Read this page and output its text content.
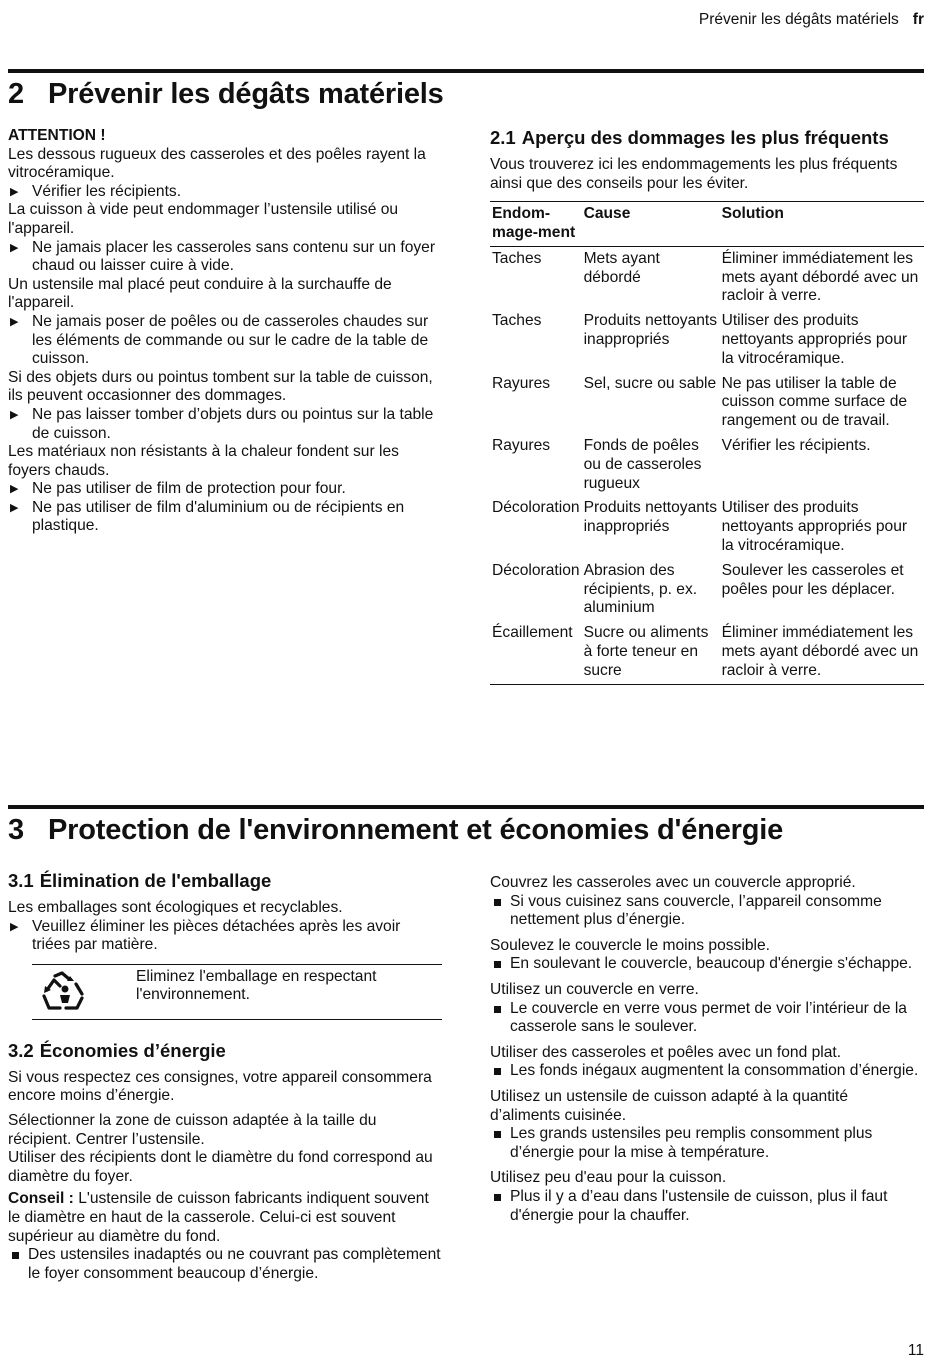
Prévenir les dégâts matériels fr
2 Prévenir les dégâts matériels

ATTENTION !

Les dessous rugueux des casseroles et des poêles rayent la vitrocéramique.

▶ Vérifier les récipients.

La cuisson à vide peut endommager l’ustensile utilisé ou l'appareil.

▶ Ne jamais placer les casseroles sans contenu sur un foyer chaud ou laisser cuire à vide.

Un ustensile mal placé peut conduire à la surchauffe de l'appareil.

▶ Ne jamais poser de poêles ou de casseroles chaudes sur les éléments de commande ou sur le cadre de la table de cuisson.

Si des objets durs ou pointus tombent sur la table de cuisson, ils peuvent occasionner des dommages.

▶ Ne pas laisser tomber d’objets durs ou pointus sur la table de cuisson.

Les matériaux non résistants à la chaleur fondent sur les foyers chauds.

▶ Ne pas utiliser de film de protection pour four.
▶ Ne pas utiliser de film d'aluminium ou de récipients en plastique.
2.1 Aperçu des dommages les plus fréquents

Vous trouverez ici les endommagements les plus fréquents ainsi que des conseils pour les éviter.

Endom-mage-ment	Cause	Solution
Taches	Mets ayant débordé	Éliminer immédiatement les mets ayant débordé avec un racloir à verre.
Taches	Produits nettoyants inappropriés	Utiliser des produits nettoyants appropriés pour la vitrocéramique.
Rayures	Sel, sucre ou sable	Ne pas utiliser la table de cuisson comme surface de rangement ou de travail.
Rayures	Fonds de poêles ou de casseroles rugueux	Vérifier les récipients.
Décoloration	Produits nettoyants inappropriés	Utiliser des produits nettoyants appropriés pour la vitrocéramique.
Décoloration	Abrasion des récipients, p. ex. aluminium	Soulever les casseroles et poêles pour les déplacer.
Écaillement	Sucre ou aliments à forte teneur en sucre	Éliminer immédiatement les mets ayant débordé avec un racloir à verre.
3 Protection de l'environnement et économies d'énergie
3.1 Élimination de l'emballage

Les emballages sont écologiques et recyclables.

▶ Veuillez éliminer les pièces détachées après les avoir triées par matière.

Eliminez l'emballage en respectant l'environnement.

3.2 Économies d’énergie

Si vous respectez ces consignes, votre appareil consommera encore moins d’énergie.

Sélectionner la zone de cuisson adaptée à la taille du récipient. Centrer l’ustensile.

Utiliser des récipients dont le diamètre du fond correspond au diamètre du foyer.

Conseil : L'ustensile de cuisson fabricants indiquent souvent le diamètre en haut de la casserole. Celui-ci est souvent supérieur au diamètre du fond.

Des ustensiles inadaptés ou ne couvrant pas complètement le foyer consomment beaucoup d’énergie.

Couvrez les casseroles avec un couvercle approprié.

Si vous cuisinez sans couvercle, l’appareil consomme nettement plus d’énergie.

Soulevez le couvercle le moins possible.

En soulevant le couvercle, beaucoup d'énergie s'échappe.

Utilisez un couvercle en verre.

Le couvercle en verre vous permet de voir l’intérieur de la casserole sans le soulever.

Utiliser des casseroles et poêles avec un fond plat.

Les fonds inégaux augmentent la consommation d’énergie.

Utilisez un ustensile de cuisson adapté à la quantité d’aliments cuisinée.

Les grands ustensiles peu remplis consomment plus d’énergie pour la mise à température.

Utilisez peu d'eau pour la cuisson.

Plus il y a d’eau dans l'ustensile de cuisson, plus il faut d'énergie pour la chauffer.
11
